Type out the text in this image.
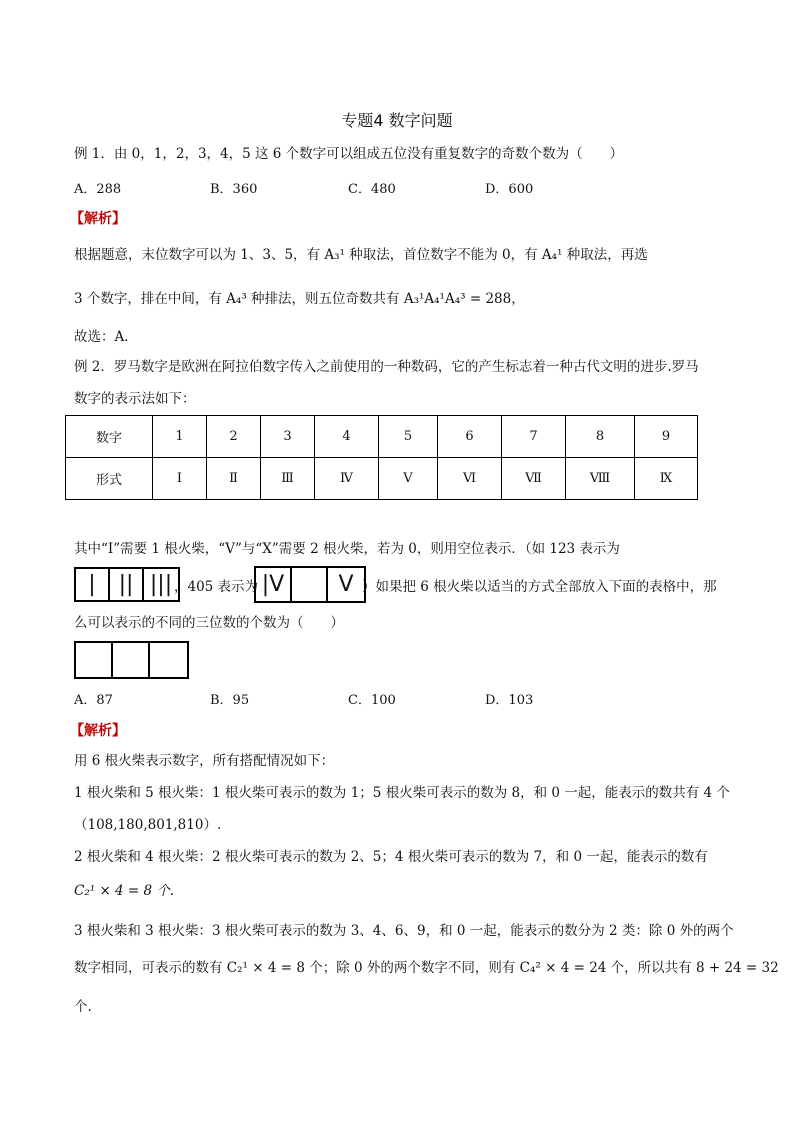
专题4 数字问题
例 1．由 0，1，2，3，4，5 这 6 个数字可以组成五位没有重复数字的奇数个数为（　　）
A．288	B．360	C．480	D．600
【解析】
根据题意，末位数字可以为 1、3、5，有 A₃¹ 种取法，首位数字不能为 0，有 A₄¹ 种取法，再选
3 个数字，排在中间，有 A₄³ 种排法，则五位奇数共有 A₃¹A₄¹A₄³ = 288，
故选：A．
例 2．罗马数字是欧洲在阿拉伯数字传入之前使用的一种数码，它的产生标志着一种古代文明的进步.罗马
数字的表示法如下：
数字	1	2	3	4	5	6	7	8	9
形式	Ⅰ	Ⅱ	Ⅲ	Ⅳ	Ⅴ	Ⅵ	Ⅶ	Ⅷ	Ⅸ
其中“Ⅰ”需要 1 根火柴，“Ⅴ”与“X”需要 2 根火柴，若为 0，则用空位表示．（如 123 表示为
|	|| ||| ，405 表示为 |V	V ）如果把 6 根火柴以适当的方式全部放入下面的表格中，那
么可以表示的不同的三位数的个数为（　　）
A．87	B．95	C．100	D．103
【解析】
用 6 根火柴表示数字，所有搭配情况如下：
1 根火柴和 5 根火柴：1 根火柴可表示的数为 1；5 根火柴可表示的数为 8，和 0 一起，能表示的数共有 4 个
（108,180,801,810）.
2 根火柴和 4 根火柴：2 根火柴可表示的数为 2、5；4 根火柴可表示的数为 7，和 0 一起，能表示的数有
C₂¹ × 4 = 8 个.
3 根火柴和 3 根火柴：3 根火柴可表示的数为 3、4、6、9，和 0 一起，能表示的数分为 2 类：除 0 外的两个
数字相同，可表示的数有 C₂¹ × 4 = 8 个；除 0 外的两个数字不同，则有 C₄² × 4 = 24 个，所以共有 8 + 24 = 32
个.
